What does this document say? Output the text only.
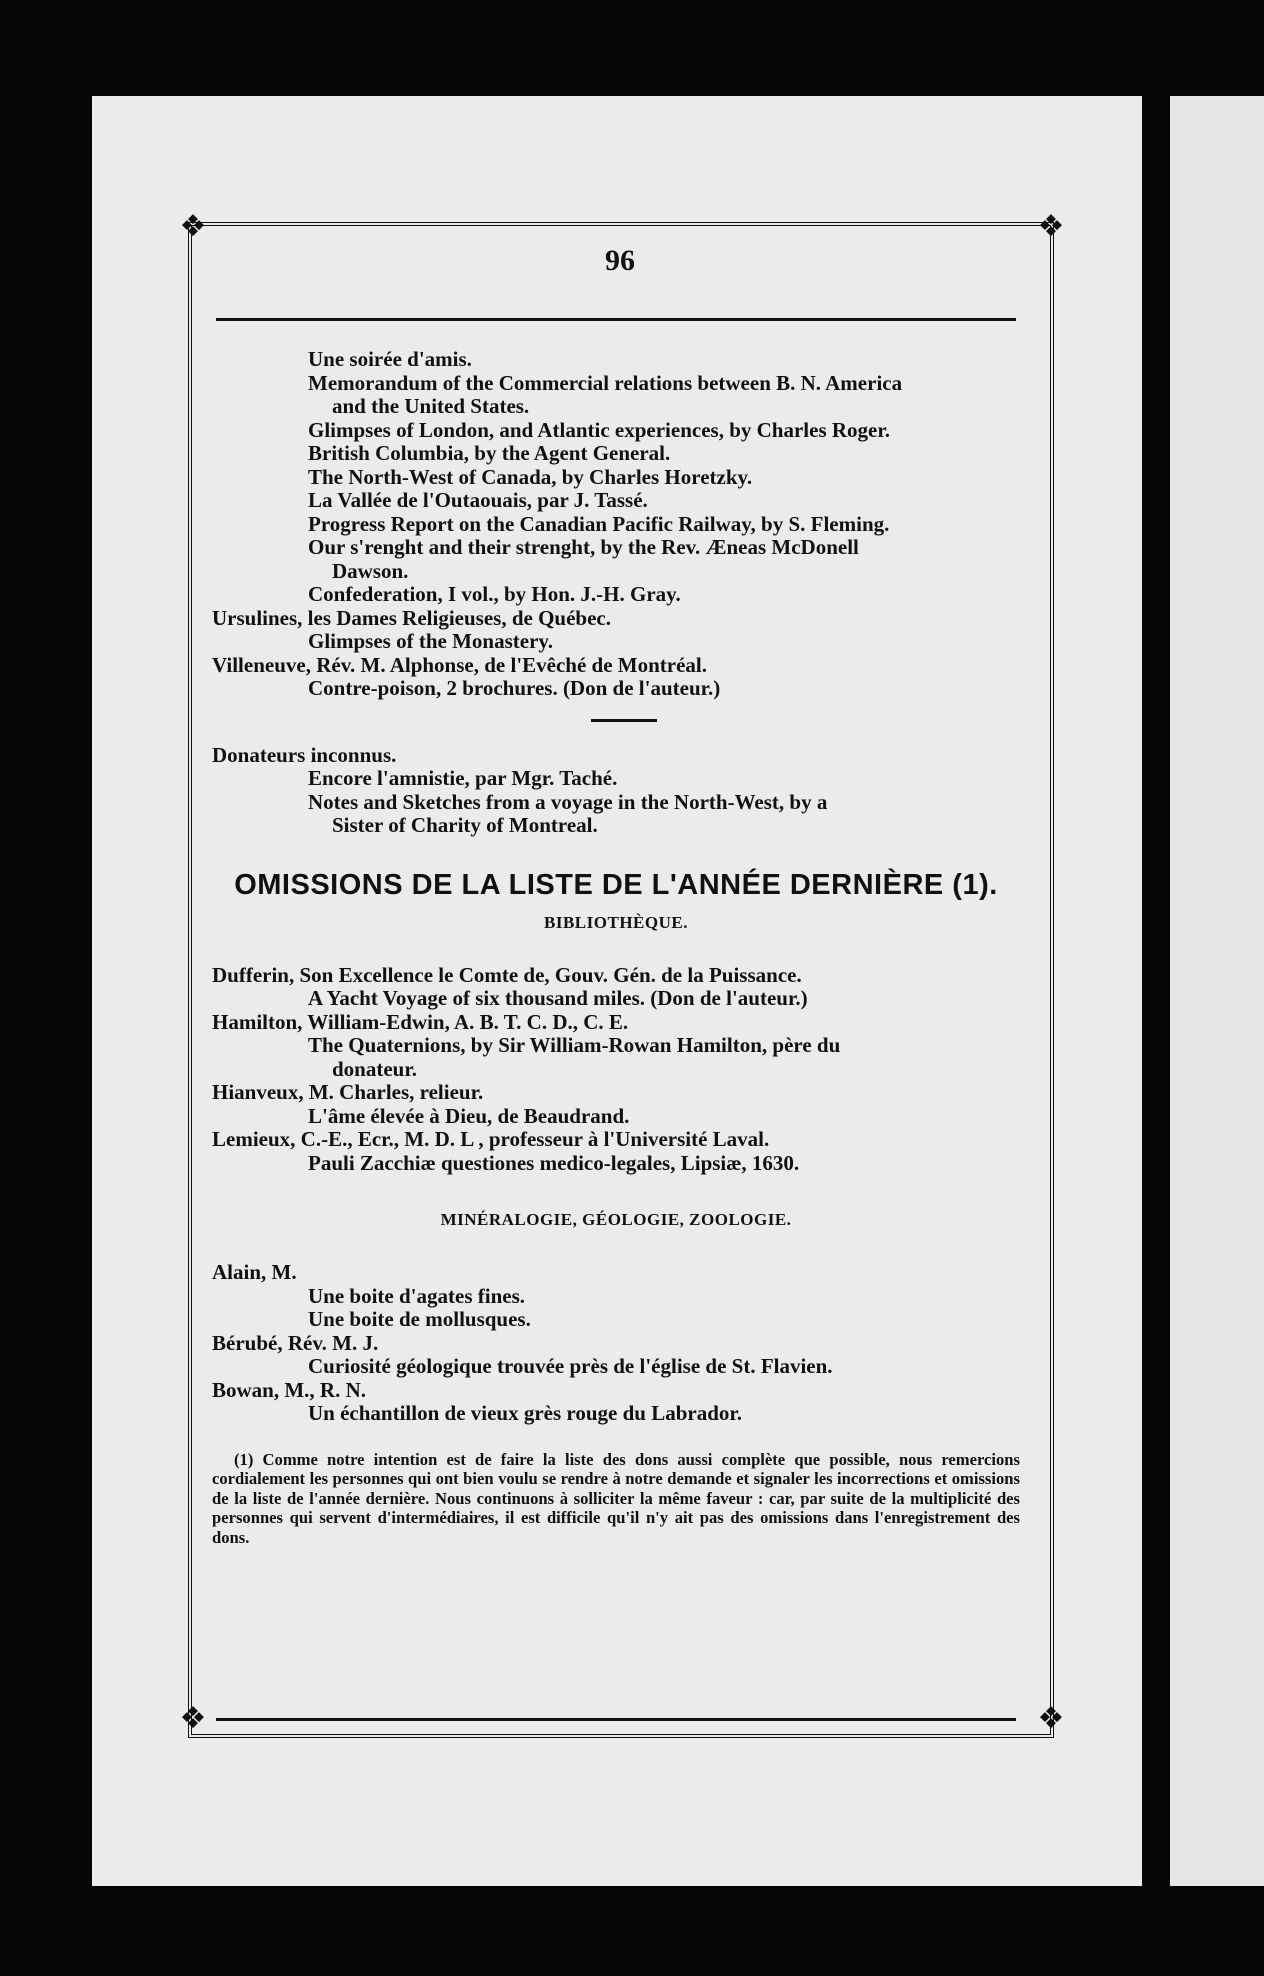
❖	❖
❖	❖
96
Une soirée d'amis.
Memorandum of the Commercial relations between B. N. America
and the United States.
Glimpses of London, and Atlantic experiences, by Charles Roger.
British Columbia, by the Agent General.
The North-West of Canada, by Charles Horetzky.
La Vallée de l'Outaouais, par J. Tassé.
Progress Report on the Canadian Pacific Railway, by S. Fleming.
Our s'renght and their strenght, by the Rev. Æneas McDonell
Dawson.
Confederation, I vol., by Hon. J.-H. Gray.
Ursulines, les Dames Religieuses, de Québec.
Glimpses of the Monastery.
Villeneuve, Rév. M. Alphonse, de l'Evêché de Montréal.
Contre-poison, 2 brochures. (Don de l'auteur.)
Donateurs inconnus.
Encore l'amnistie, par Mgr. Taché.
Notes and Sketches from a voyage in the North-West, by a
Sister of Charity of Montreal.
OMISSIONS DE LA LISTE DE L'ANNÉE DERNIÈRE (1).
BIBLIOTHÈQUE.
Dufferin, Son Excellence le Comte de, Gouv. Gén. de la Puissance.
A Yacht Voyage of six thousand miles. (Don de l'auteur.)
Hamilton, William-Edwin, A. B. T. C. D., C. E.
The Quaternions, by Sir William-Rowan Hamilton, père du
donateur.
Hianveux, M. Charles, relieur.
L'âme élevée à Dieu, de Beaudrand.
Lemieux, C.-E., Ecr., M. D. L , professeur à l'Université Laval.
Pauli Zacchiæ questiones medico-legales, Lipsiæ, 1630.
MINÉRALOGIE, GÉOLOGIE, ZOOLOGIE.
Alain, M.
Une boite d'agates fines.
Une boite de mollusques.
Bérubé, Rév. M. J.
Curiosité géologique trouvée près de l'église de St. Flavien.
Bowan, M., R. N.
Un échantillon de vieux grès rouge du Labrador.

(1) Comme notre intention est de faire la liste des dons aussi complète que possible, nous remercions cordialement les personnes qui ont bien voulu se rendre à notre demande et signaler les incorrections et omissions de la liste de l'année dernière. Nous continuons à solliciter la même faveur : car, par suite de la multiplicité des personnes qui servent d'intermédiaires, il est difficile qu'il n'y ait pas des omissions dans l'enregistrement des dons.
